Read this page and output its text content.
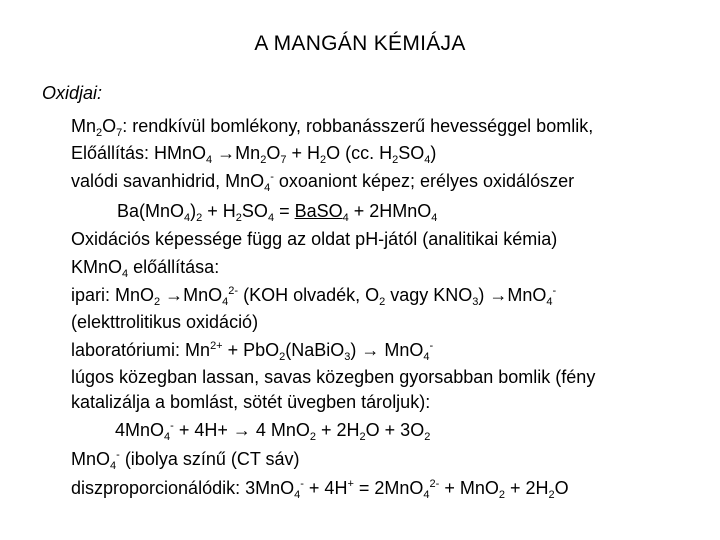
A MANGÁN KÉMIÁJA
Oxidjai:
$Mn_2O_7$: rendkívül bomlékony, robbanásszerű hevességgel bomlik,
Előállítás: HMnO$_4$ $\to Mn_2O_7 + H_2O$ (cc. $H_2SO_4$)
valódi savanhidrid, MnO$_4$- oxoaniont képez; erélyes oxidálószer
$Ba(MnO_4)_2 + H_2SO_4$ = BaSO$_4$ + 2HMnO$_4$
Oxidációs képessége függ az oldat pH-jától (analitikai kémia)
KMnO$_4$ előállítása:
ipari: MnO$_2$ →MnO$_4^{2-}$ (KOH olvadék, $O_2$ vagy $KNO_3) \to MnO_4^-$
(elekttrolitikus oxidáció)
laboratóriumi: $Mn^{2+}$ + PbO$_2$(NaBiO$_3$) → MnO$_4$-
lúgos közegban lassan, savas közegben gyorsabban bomlik (fény
katalizálja a bomlást, sötét üvegben tároljuk):
4MnO$_4$- + 4H+ → 4 $MnO_2 + 2H_2O + 3O_2$
MnO$_4$- (ibolya színű (CT sáv)
diszproporcionálódik: $3MnO_4^- + 4H^+ = 2MnO_4^{2-} + MnO_2 + 2H_2O$
